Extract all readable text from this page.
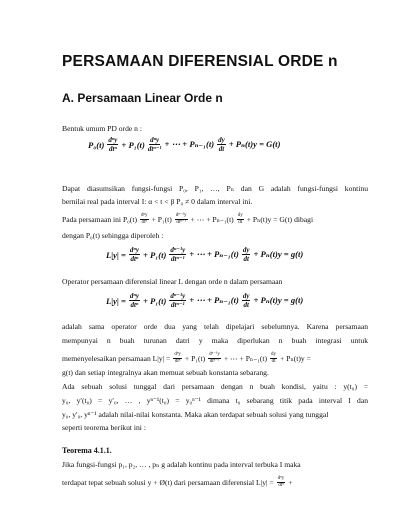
PERSAMAAN DIFERENSIAL ORDE n
A. Persamaan Linear Orde n
Bentuk umum PD orde n :
$P_0(t) \frac{\text{dⁿy}}{\text{dtⁿ}} + P_1(t) \frac{\text{dⁿy}}{\text{dtⁿ⁻¹}}$ + ⋯ + $P_{n-1}(t) \frac{dy}{dt} + P_n(t)y = G(t)$
Dapat diasumsikan fungsi-fungsi P₀, P₁, …, Pₙ dan G adalah fungsi-fungsi kontinu
bernilai real pada interval I: α < t < β P₀ ≠ 0 dalam interval ini.
Pada persamaan ini $P_0(t) \frac{\text{dⁿy}}{\text{dtⁿ}} + P_1(t) \frac{\text{dⁿ⁻¹y}}{\text{dtⁿ⁻¹}}$ + ⋯ + $P_{n-1}(t) \frac{dy}{dt} + P_n(t)y = G(t)$ dibagi
dengan P₀(t) sehingga diperoleh :
$L|y| = \frac{\text{dⁿy}}{\text{dtⁿ}} + P_1(t) \frac{\text{dⁿ⁻¹y}}{\text{dtⁿ⁻¹}}$ + ⋯ + $P_{n-1}(t) \frac{dy}{dt} + P_n(t)y = g(t)$
Operator persamaan diferensial linear L dengan orde n dalam persamaan
$L|y| = \frac{\text{dⁿy}}{\text{dtⁿ}} + P_1(t) \frac{\text{dⁿ⁻¹y}}{\text{dtⁿ⁻¹}}$ + ⋯ + $P_{n-1}(t) \frac{dy}{dt} + P_n(t)y = g(t)$
adalah sama operator orde dua yang telah dipelajari sebelumnya. Karena persamaan
mempunyai n buah turunan datri y maka diperlukan n buah integrasi untuk
memenyelesaikan persamaan $L|y| = \frac{\text{dⁿy}}{\text{dtⁿ}} + P_1(t) \frac{\text{dⁿ⁻¹y}}{\text{dtⁿ⁻¹}}$ + ⋯ + $P_{n-1}(t) \frac{dy}{dt} + P_n(t)y$ =
g(t) dan setiap integralnya akan memuat sebuah konstanta sebarang.
Ada sebuah solusi tunggal dari persamaan dengan n buah kondisi, yaitu : y(t₀) =
y₀, y′(t₀) = y′₀, … , yⁿ⁻¹(t₀) = y₀ⁿ⁻¹ dimana t₀ sebarang titik pada interval I dan
y₀, y′₀, yⁿ⁻¹ adalah nilai-nilai konstanta. Maka akan terdapat sebuah solusi yang tunggal
seperti teorema berikut ini :
Teorema 4.1.1.
Jika fungsi-fungsi p₁, p₂, … , pₙ g adalah kontinu pada interval terbuka I maka
terdapat tepat sebuah solusi y + Ø(t) dari persamaan diferensial $L|y| = \frac{\text{dⁿy}}{\text{dtⁿ}}$ +
